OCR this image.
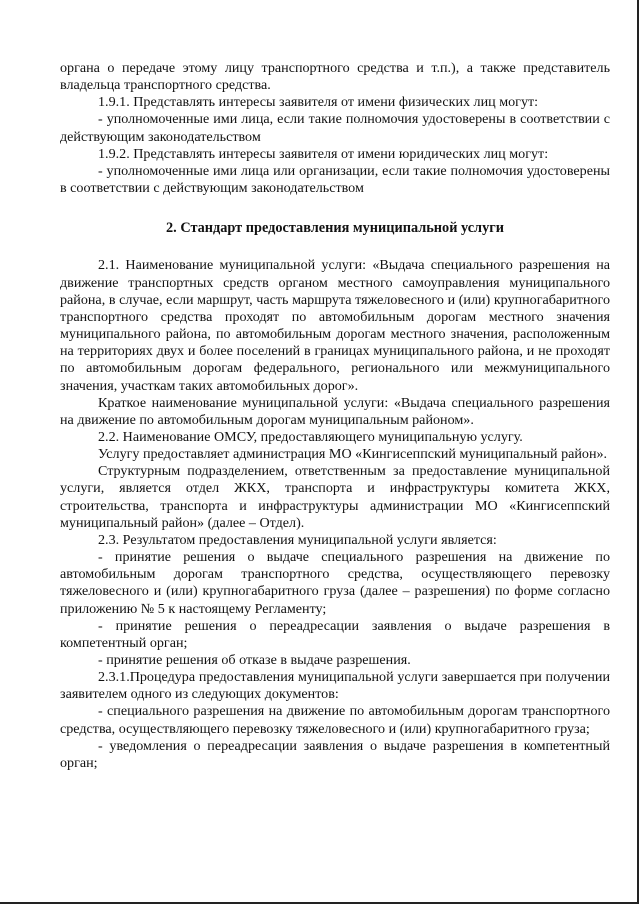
органа о передаче этому лицу транспортного средства и т.п.), а также представитель владельца транспортного средства.

1.9.1. Представлять интересы заявителя от имени физических лиц могут:

- уполномоченные ими лица, если такие полномочия удостоверены в соответствии с действующим законодательством

1.9.2. Представлять интересы заявителя от имени юридических лиц могут:

- уполномоченные ими лица или организации, если такие полномочия удостоверены в соответствии с действующим законодательством

2. Стандарт предоставления муниципальной услуги

2.1. Наименование муниципальной услуги: «Выдача специального разрешения на движение транспортных средств органом местного самоуправления муниципального района, в случае, если маршрут, часть маршрута тяжеловесного и (или) крупногабаритного транспортного средства проходят по автомобильным дорогам местного значения муниципального района, по автомобильным дорогам местного значения, расположенным на территориях двух и более поселений в границах муниципального района, и не проходят по автомобильным дорогам федерального, регионального или межмуниципального значения, участкам таких автомобильных дорог».

Краткое наименование муниципальной услуги: «Выдача специального разрешения на движение по автомобильным дорогам муниципальным районом».

2.2. Наименование ОМСУ, предоставляющего муниципальную услугу.

Услугу предоставляет администрация МО «Кингисеппский муниципальный район».

Структурным подразделением, ответственным за предоставление муниципальной услуги, является отдел ЖКХ, транспорта и инфраструктуры комитета ЖКХ, строительства, транспорта и инфраструктуры администрации МО «Кингисеппский муниципальный район» (далее – Отдел).

2.3. Результатом предоставления муниципальной услуги является:

- принятие решения о выдаче специального разрешения на движение по автомобильным дорогам транспортного средства, осуществляющего перевозку тяжеловесного и (или) крупногабаритного груза (далее – разрешения) по форме согласно приложению № 5 к настоящему Регламенту;

- принятие решения о переадресации заявления о выдаче разрешения в компетентный орган;

- принятие решения об отказе в выдаче разрешения.

2.3.1.Процедура предоставления муниципальной услуги завершается при получении заявителем одного из следующих документов:

- специального разрешения на движение по автомобильным дорогам транспортного средства, осуществляющего перевозку тяжеловесного и (или) крупногабаритного груза;

- уведомления о переадресации заявления о выдаче разрешения в компетентный орган;
